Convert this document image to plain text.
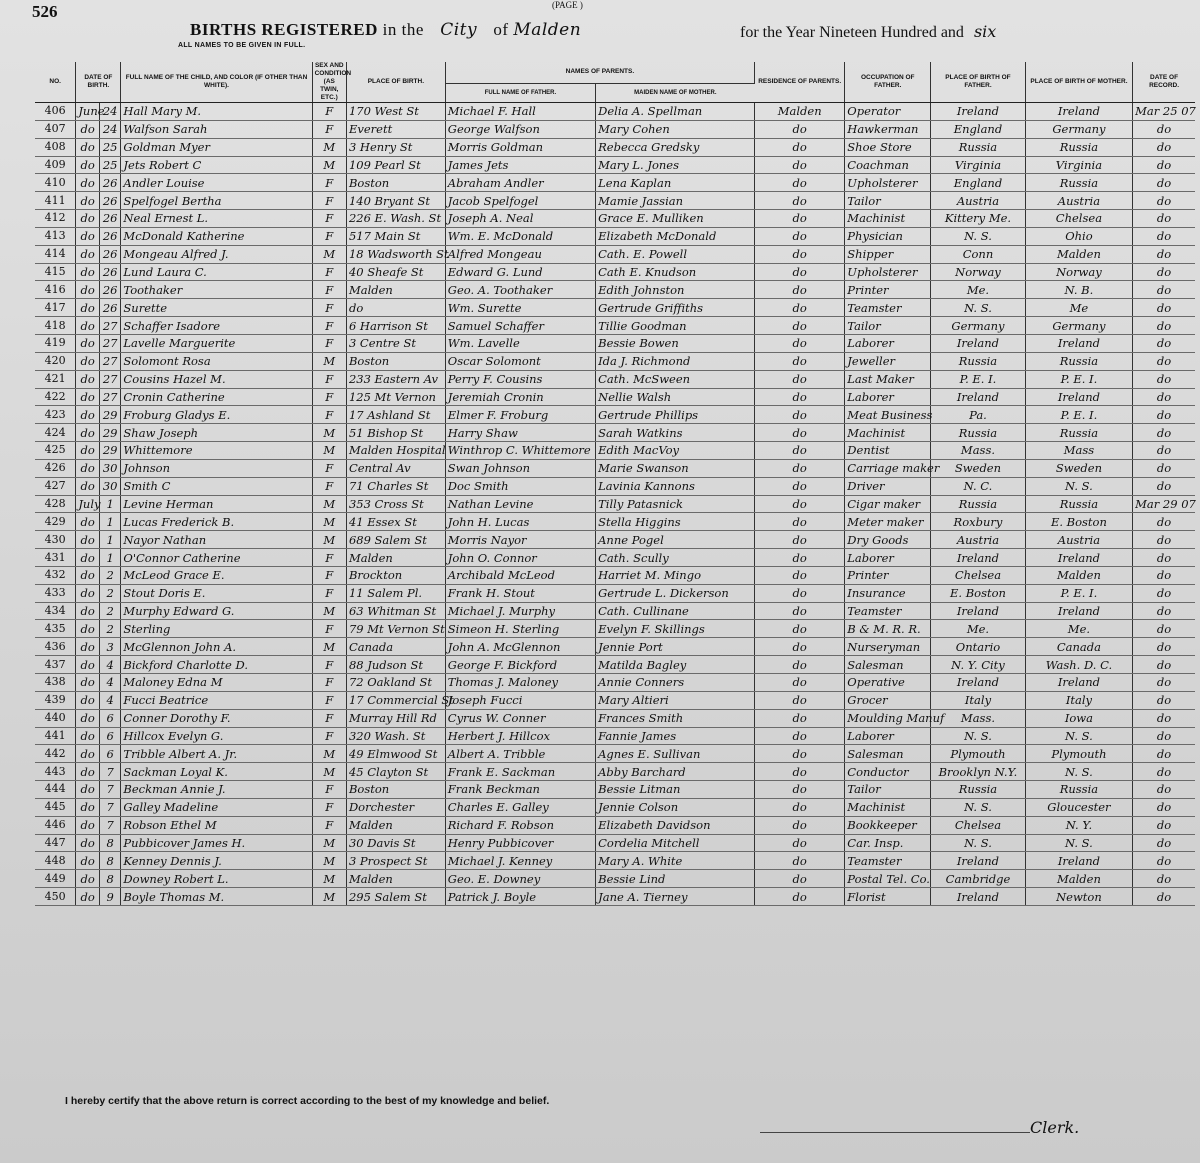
526	(PAGE )
BIRTHS REGISTERED in the City of Malden	for the Year Nineteen Hundred and six
ALL NAMES TO BE GIVEN IN FULL.
NO.	DATE OF BIRTH.		FULL NAME OF THE CHILD, AND COLOR (IF OTHER THAN WHITE).	SEX AND CONDITION (AS TWIN, ETC.)	PLACE OF BIRTH.	NAMES OF PARENTS.		RESIDENCE OF PARENTS.	OCCUPATION OF FATHER.	PLACE OF BIRTH OF FATHER.	PLACE OF BIRTH OF MOTHER.	DATE OF RECORD.
						FULL NAME OF FATHER.	MAIDEN NAME OF MOTHER.					
406	June	24	Hall Mary M.	F	170 West St	Michael F. Hall	Delia A. Spellman	Malden	Operator	Ireland	Ireland	Mar 25 07
407	do	24	Walfson Sarah	F	Everett	George Walfson	Mary Cohen	do	Hawkerman	England	Germany	do
408	do	25	Goldman Myer	M	3 Henry St	Morris Goldman	Rebecca Gredsky	do	Shoe Store	Russia	Russia	do
409	do	25	Jets Robert C	M	109 Pearl St	James Jets	Mary L. Jones	do	Coachman	Virginia	Virginia	do
410	do	26	Andler Louise	F	Boston	Abraham Andler	Lena Kaplan	do	Upholsterer	England	Russia	do
411	do	26	Spelfogel Bertha	F	140 Bryant St	Jacob Spelfogel	Mamie Jassian	do	Tailor	Austria	Austria	do
412	do	26	Neal Ernest L.	F	226 E. Wash. St	Joseph A. Neal	Grace E. Mulliken	do	Machinist	Kittery Me.	Chelsea	do
413	do	26	McDonald Katherine	F	517 Main St	Wm. E. McDonald	Elizabeth McDonald	do	Physician	N. S.	Ohio	do
414	do	26	Mongeau Alfred J.	M	18 Wadsworth St	Alfred Mongeau	Cath. E. Powell	do	Shipper	Conn	Malden	do
415	do	26	Lund Laura C.	F	40 Sheafe St	Edward G. Lund	Cath E. Knudson	do	Upholsterer	Norway	Norway	do
416	do	26	Toothaker	F	Malden	Geo. A. Toothaker	Edith Johnston	do	Printer	Me.	N. B.	do
417	do	26	Surette	F	do	Wm. Surette	Gertrude Griffiths	do	Teamster	N. S.	Me	do
418	do	27	Schaffer Isadore	F	6 Harrison St	Samuel Schaffer	Tillie Goodman	do	Tailor	Germany	Germany	do
419	do	27	Lavelle Marguerite	F	3 Centre St	Wm. Lavelle	Bessie Bowen	do	Laborer	Ireland	Ireland	do
420	do	27	Solomont Rosa	M	Boston	Oscar Solomont	Ida J. Richmond	do	Jeweller	Russia	Russia	do
421	do	27	Cousins Hazel M.	F	233 Eastern Av	Perry F. Cousins	Cath. McSween	do	Last Maker	P. E. I.	P. E. I.	do
422	do	27	Cronin Catherine	F	125 Mt Vernon	Jeremiah Cronin	Nellie Walsh	do	Laborer	Ireland	Ireland	do
423	do	29	Froburg Gladys E.	F	17 Ashland St	Elmer F. Froburg	Gertrude Phillips	do	Meat Business	Pa.	P. E. I.	do
424	do	29	Shaw Joseph	M	51 Bishop St	Harry Shaw	Sarah Watkins	do	Machinist	Russia	Russia	do
425	do	29	Whittemore	M	Malden Hospital	Winthrop C. Whittemore	Edith MacVoy	do	Dentist	Mass.	Mass	do
426	do	30	Johnson	F	Central Av	Swan Johnson	Marie Swanson	do	Carriage maker	Sweden	Sweden	do
427	do	30	Smith C	F	71 Charles St	Doc Smith	Lavinia Kannons	do	Driver	N. C.	N. S.	do
428	July	1	Levine Herman	M	353 Cross St	Nathan Levine	Tilly Patasnick	do	Cigar maker	Russia	Russia	Mar 29 07
429	do	1	Lucas Frederick B.	M	41 Essex St	John H. Lucas	Stella Higgins	do	Meter maker	Roxbury	E. Boston	do
430	do	1	Nayor Nathan	M	689 Salem St	Morris Nayor	Anne Pogel	do	Dry Goods	Austria	Austria	do
431	do	1	O'Connor Catherine	F	Malden	John O. Connor	Cath. Scully	do	Laborer	Ireland	Ireland	do
432	do	2	McLeod Grace E.	F	Brockton	Archibald McLeod	Harriet M. Mingo	do	Printer	Chelsea	Malden	do
433	do	2	Stout Doris E.	F	11 Salem Pl.	Frank H. Stout	Gertrude L. Dickerson	do	Insurance	E. Boston	P. E. I.	do
434	do	2	Murphy Edward G.	M	63 Whitman St	Michael J. Murphy	Cath. Cullinane	do	Teamster	Ireland	Ireland	do
435	do	2	Sterling	F	79 Mt Vernon St	Simeon H. Sterling	Evelyn F. Skillings	do	B & M. R. R.	Me.	Me.	do
436	do	3	McGlennon John A.	M	Canada	John A. McGlennon	Jennie Port	do	Nurseryman	Ontario	Canada	do
437	do	4	Bickford Charlotte D.	F	88 Judson St	George F. Bickford	Matilda Bagley	do	Salesman	N. Y. City	Wash. D. C.	do
438	do	4	Maloney Edna M	F	72 Oakland St	Thomas J. Maloney	Annie Conners	do	Operative	Ireland	Ireland	do
439	do	4	Fucci Beatrice	F	17 Commercial St	Joseph Fucci	Mary Altieri	do	Grocer	Italy	Italy	do
440	do	6	Conner Dorothy F.	F	Murray Hill Rd	Cyrus W. Conner	Frances Smith	do	Moulding Manuf	Mass.	Iowa	do
441	do	6	Hillcox Evelyn G.	F	320 Wash. St	Herbert J. Hillcox	Fannie James	do	Laborer	N. S.	N. S.	do
442	do	6	Tribble Albert A. Jr.	M	49 Elmwood St	Albert A. Tribble	Agnes E. Sullivan	do	Salesman	Plymouth	Plymouth	do
443	do	7	Sackman Loyal K.	M	45 Clayton St	Frank E. Sackman	Abby Barchard	do	Conductor	Brooklyn N.Y.	N. S.	do
444	do	7	Beckman Annie J.	F	Boston	Frank Beckman	Bessie Litman	do	Tailor	Russia	Russia	do
445	do	7	Galley Madeline	F	Dorchester	Charles E. Galley	Jennie Colson	do	Machinist	N. S.	Gloucester	do
446	do	7	Robson Ethel M	F	Malden	Richard F. Robson	Elizabeth Davidson	do	Bookkeeper	Chelsea	N. Y.	do
447	do	8	Pubbicover James H.	M	30 Davis St	Henry Pubbicover	Cordelia Mitchell	do	Car. Insp.	N. S.	N. S.	do
448	do	8	Kenney Dennis J.	M	3 Prospect St	Michael J. Kenney	Mary A. White	do	Teamster	Ireland	Ireland	do
449	do	8	Downey Robert L.	M	Malden	Geo. E. Downey	Bessie Lind	do	Postal Tel. Co.	Cambridge	Malden	do
450	do	9	Boyle Thomas M.	M	295 Salem St	Patrick J. Boyle	Jane A. Tierney	do	Florist	Ireland	Newton	do
I hereby certify that the above return is correct according to the best of my knowledge and belief.
Clerk.
